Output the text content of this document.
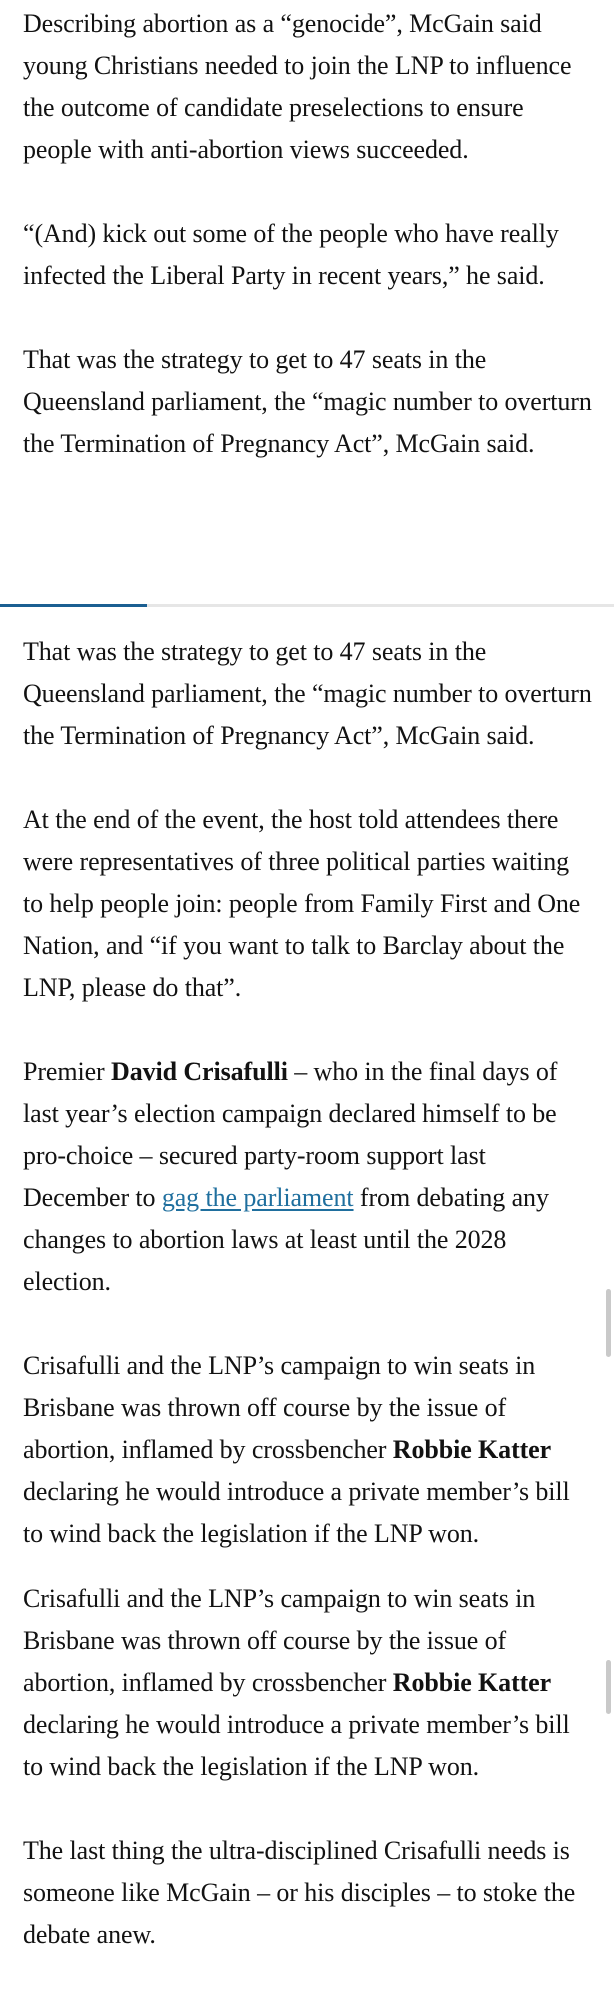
Describing abortion as a “genocide”, McGain said young Christians needed to join the LNP to influence the outcome of candidate preselections to ensure people with anti-abortion views succeeded.

“(And) kick out some of the people who have really infected the Liberal Party in recent years,” he said.

That was the strategy to get to 47 seats in the Queensland parliament, the “magic number to overturn the Termination of Pregnancy Act”, McGain said.

That was the strategy to get to 47 seats in the Queensland parliament, the “magic number to overturn the Termination of Pregnancy Act”, McGain said.

At the end of the event, the host told attendees there were representatives of three political parties waiting to help people join: people from Family First and One Nation, and “if you want to talk to Barclay about the LNP, please do that”.

Premier David Crisafulli – who in the final days of last year’s election campaign declared himself to be pro-choice – secured party-room support last December to gag the parliament from debating any changes to abortion laws at least until the 2028 election.

Crisafulli and the LNP’s campaign to win seats in Brisbane was thrown off course by the issue of abortion, inflamed by crossbencher Robbie Katter declaring he would introduce a private member’s bill to wind back the legislation if the LNP won.

Crisafulli and the LNP’s campaign to win seats in Brisbane was thrown off course by the issue of abortion, inflamed by crossbencher Robbie Katter declaring he would introduce a private member’s bill to wind back the legislation if the LNP won.

The last thing the ultra-disciplined Crisafulli needs is someone like McGain – or his disciples – to stoke the debate anew.
